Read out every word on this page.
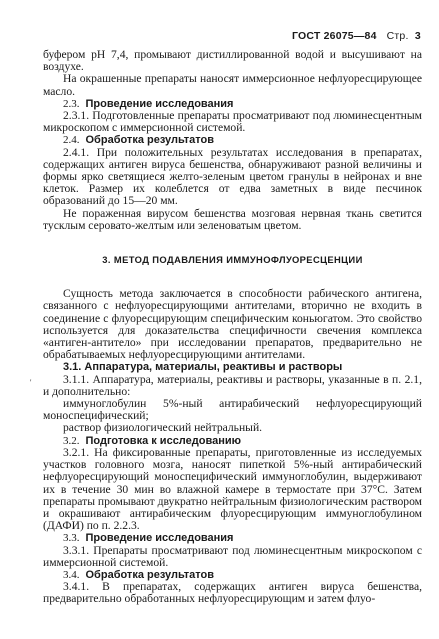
ГОСТ 26075—84 Стр. 3
'

буфером рН 7,4, промывают дистиллированной водой и высушивают на воздухе.

На окрашенные препараты наносят иммерсионное нефлуоресцирующее масло.

2.3. Проведение исследования

2.3.1. Подготовленные препараты просматривают под люминесцентным микроскопом с иммерсионной системой.

2.4. Обработка результатов

2.4.1. При положительных результатах исследования в препаратах, содержащих антиген вируса бешенства, обнаруживают разной величины и формы ярко светящиеся желто-зеленым цветом гранулы в нейронах и вне клеток. Размер их колеблется от едва заметных в виде песчинок образований до 15—20 мм.

Не пораженная вирусом бешенства мозговая нервная ткань светится тусклым серовато-желтым или зеленоватым цветом.

3. МЕТОД ПОДАВЛЕНИЯ ИММУНОФЛУОРЕСЦЕНЦИИ

Сущность метода заключается в способности рабического антигена, связанного с нефлуоресцирующими антителами, вторично не входить в соединение с флуоресцирующим специфическим коньюгатом. Это свойство используется для доказательства специфичности свечения комплекса «антиген-антитело» при исследовании препаратов, предварительно не обрабатываемых нефлуоресцирующими антителами.

3.1. Аппаратура, материалы, реактивы и растворы

3.1.1. Аппаратура, материалы, реактивы и растворы, указанные в п. 2.1, и дополнительно:

иммуноглобулин 5%-ный антирабический нефлуоресцирующий моноспецифический;

раствор физиологический нейтральный.

3.2. Подготовка к исследованию

3.2.1. На фиксированные препараты, приготовленные из исследуемых участков головного мозга, наносят пипеткой 5%-ный антирабический нефлуоресцирующий моноспецифический иммуноглобулин, выдерживают их в течение 30 мин во влажной камере в термостате при 37°С. Затем препараты промывают двукратно нейтральным физиологическим раствором и окрашивают антирабическим флуоресцирующим иммуноглобулином (ДАФИ) по п. 2.2.3.

3.3. Проведение исследования

3.3.1. Препараты просматривают под люминесцентным микроскопом с иммерсионной системой.

3.4. Обработка результатов

3.4.1. В препаратах, содержащих антиген вируса бешенства, предварительно обработанных нефлуоресцирующим и затем флуо-
